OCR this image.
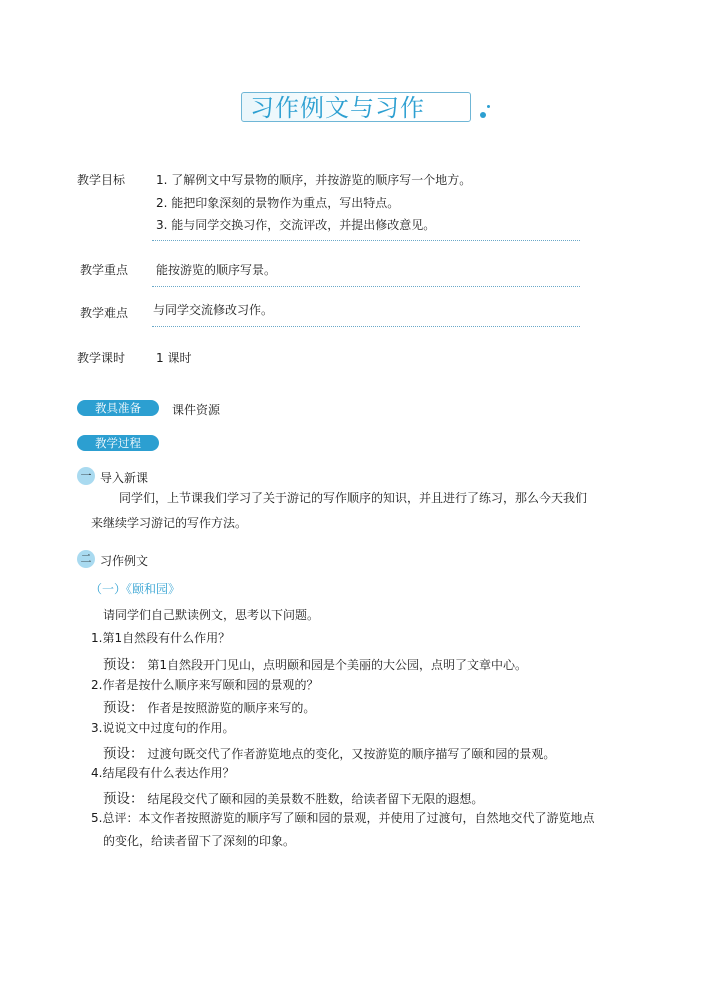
习作例文与习作
教学目标	1. 了解例文中写景物的顺序，并按游览的顺序写一个地方。
2. 能把印象深刻的景物作为重点，写出特点。
3. 能与同学交换习作，交流评改，并提出修改意见。
教学重点 能按游览的顺序写景。
教学难点 与同学交流修改习作。
教学课时	1 课时
教具准备	课件资源
教学过程
一 导入新课
同学们，上节课我们学习了关于游记的写作顺序的知识，并且进行了练习，那么今天我们
来继续学习游记的写作方法。
二 习作例文
（一）《颐和园》
请同学们自己默读例文，思考以下问题。
1.第1自然段有什么作用？
预设： 第1自然段开门见山，点明颐和园是个美丽的大公园，点明了文章中心。
2.作者是按什么顺序来写颐和园的景观的？
预设： 作者是按照游览的顺序来写的。
3.说说文中过度句的作用。
预设： 过渡句既交代了作者游览地点的变化，又按游览的顺序描写了颐和园的景观。
4.结尾段有什么表达作用？
预设： 结尾段交代了颐和园的美景数不胜数，给读者留下无限的遐想。
5.总评：本文作者按照游览的顺序写了颐和园的景观，并使用了过渡句，自然地交代了游览地点
的变化，给读者留下了深刻的印象。
